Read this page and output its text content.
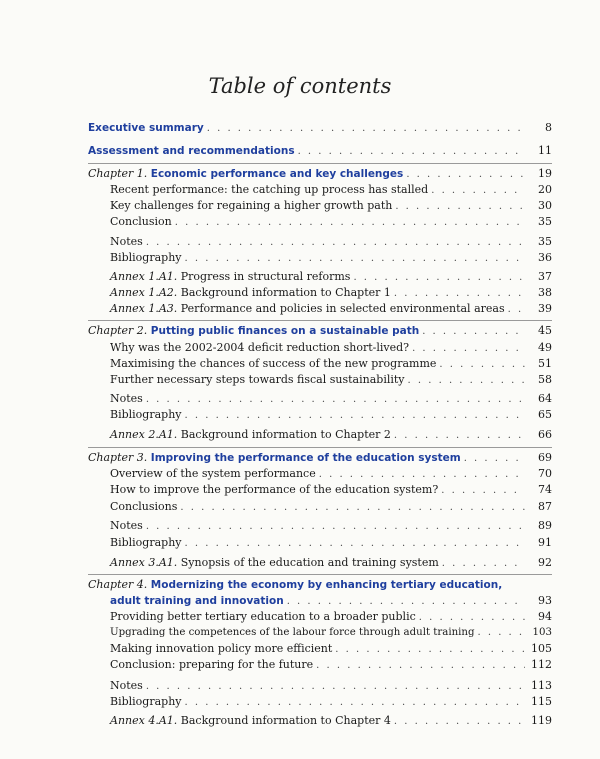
Table of contents
Executive summary . . .	8
Assessment and recommendations . . .	11
Chapter 1. Economic performance and key challenges . . .	19
Recent performance: the catching up process has stalled . . .	20
Key challenges for regaining a higher growth path . . .	30
Conclusion . . .	35
Notes . . .	35
Bibliography . . .	36
Annex 1.A1. Progress in structural reforms . . .	37
Annex 1.A2. Background information to Chapter 1 . . .	38
Annex 1.A3. Performance and policies in selected environmental areas . . .	39
Chapter 2. Putting public finances on a sustainable path . . .	45
Why was the 2002-2004 deficit reduction short-lived? . . .	49
Maximising the chances of success of the new programme . . .	51
Further necessary steps towards fiscal sustainability . . .	58
Notes . . .	64
Bibliography . . .	65
Annex 2.A1. Background information to Chapter 2 . . .	66
Chapter 3. Improving the performance of the education system . . .	69
Overview of the system performance . . .	70
How to improve the performance of the education system? . . .	74
Conclusions . . .	87
Notes . . .	89
Bibliography . . .	91
Annex 3.A1. Synopsis of the education and training system . . .	92
Chapter 4. Modernizing the economy by enhancing tertiary education,
adult training and innovation . . .	93
Providing better tertiary education to a broader public . . .	94
Upgrading the competences of the labour force through adult training . . .	103
Making innovation policy more efficient . . .	105
Conclusion: preparing for the future . . .	112
Notes . . .	113
Bibliography . . .	115
Annex 4.A1. Background information to Chapter 4 . . .	119
